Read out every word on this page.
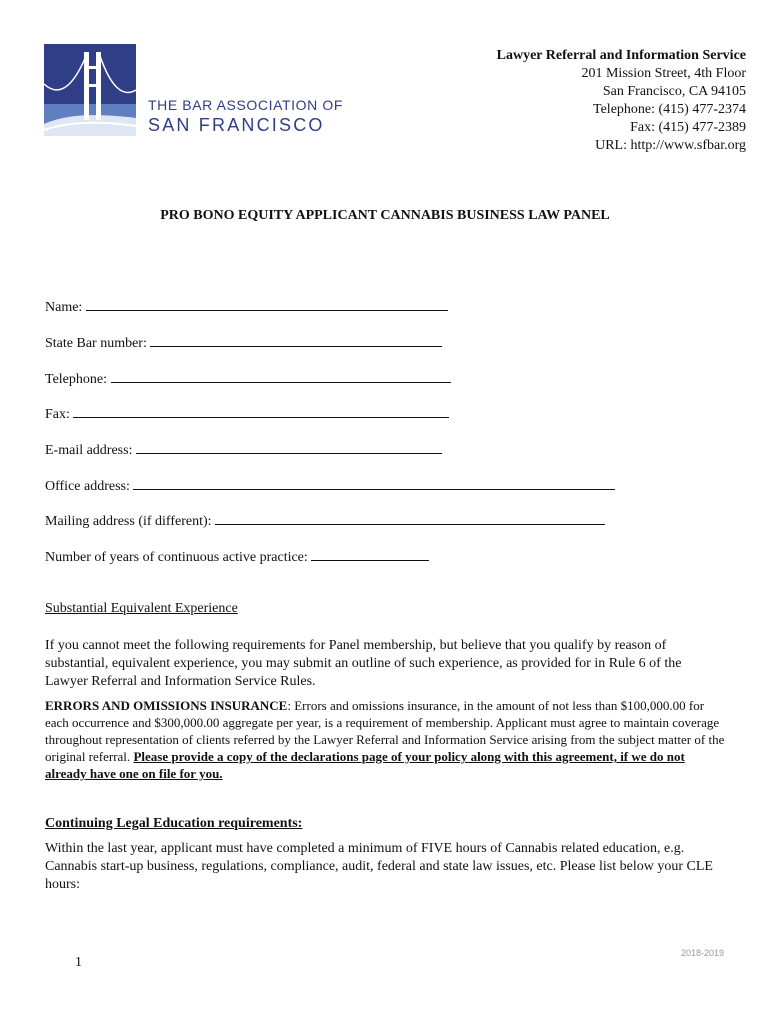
THE BAR ASSOCIATION OF
SAN FRANCISCO
Lawyer Referral and Information Service
201 Mission Street, 4th Floor
San Francisco, CA 94105
Telephone: (415) 477-2374
Fax: (415) 477-2389
URL: http://www.sfbar.org
PRO BONO EQUITY APPLICANT CANNABIS BUSINESS LAW PANEL
Name:
State Bar number:
Telephone:
Fax:
E-mail address:
Office address:
Mailing address (if different):
Number of years of continuous active practice:
Substantial Equivalent Experience
If you cannot meet the following requirements for Panel membership, but believe that you qualify by reason of substantial, equivalent experience, you may submit an outline of such experience, as provided for in Rule 6 of the Lawyer Referral and Information Service Rules.
ERRORS AND OMISSIONS INSURANCE: Errors and omissions insurance, in the amount of not less than $100,000.00 for each occurrence and $300,000.00 aggregate per year, is a requirement of membership. Applicant must agree to maintain coverage throughout representation of clients referred by the Lawyer Referral and Information Service arising from the subject matter of the original referral. Please provide a copy of the declarations page of your policy along with this agreement, if we do not already have one on file for you.
Continuing Legal Education requirements:
Within the last year, applicant must have completed a minimum of FIVE hours of Cannabis related education, e.g. Cannabis start-up business, regulations, compliance, audit, federal and state law issues, etc. Please list below your CLE hours:
2018-2019
1
